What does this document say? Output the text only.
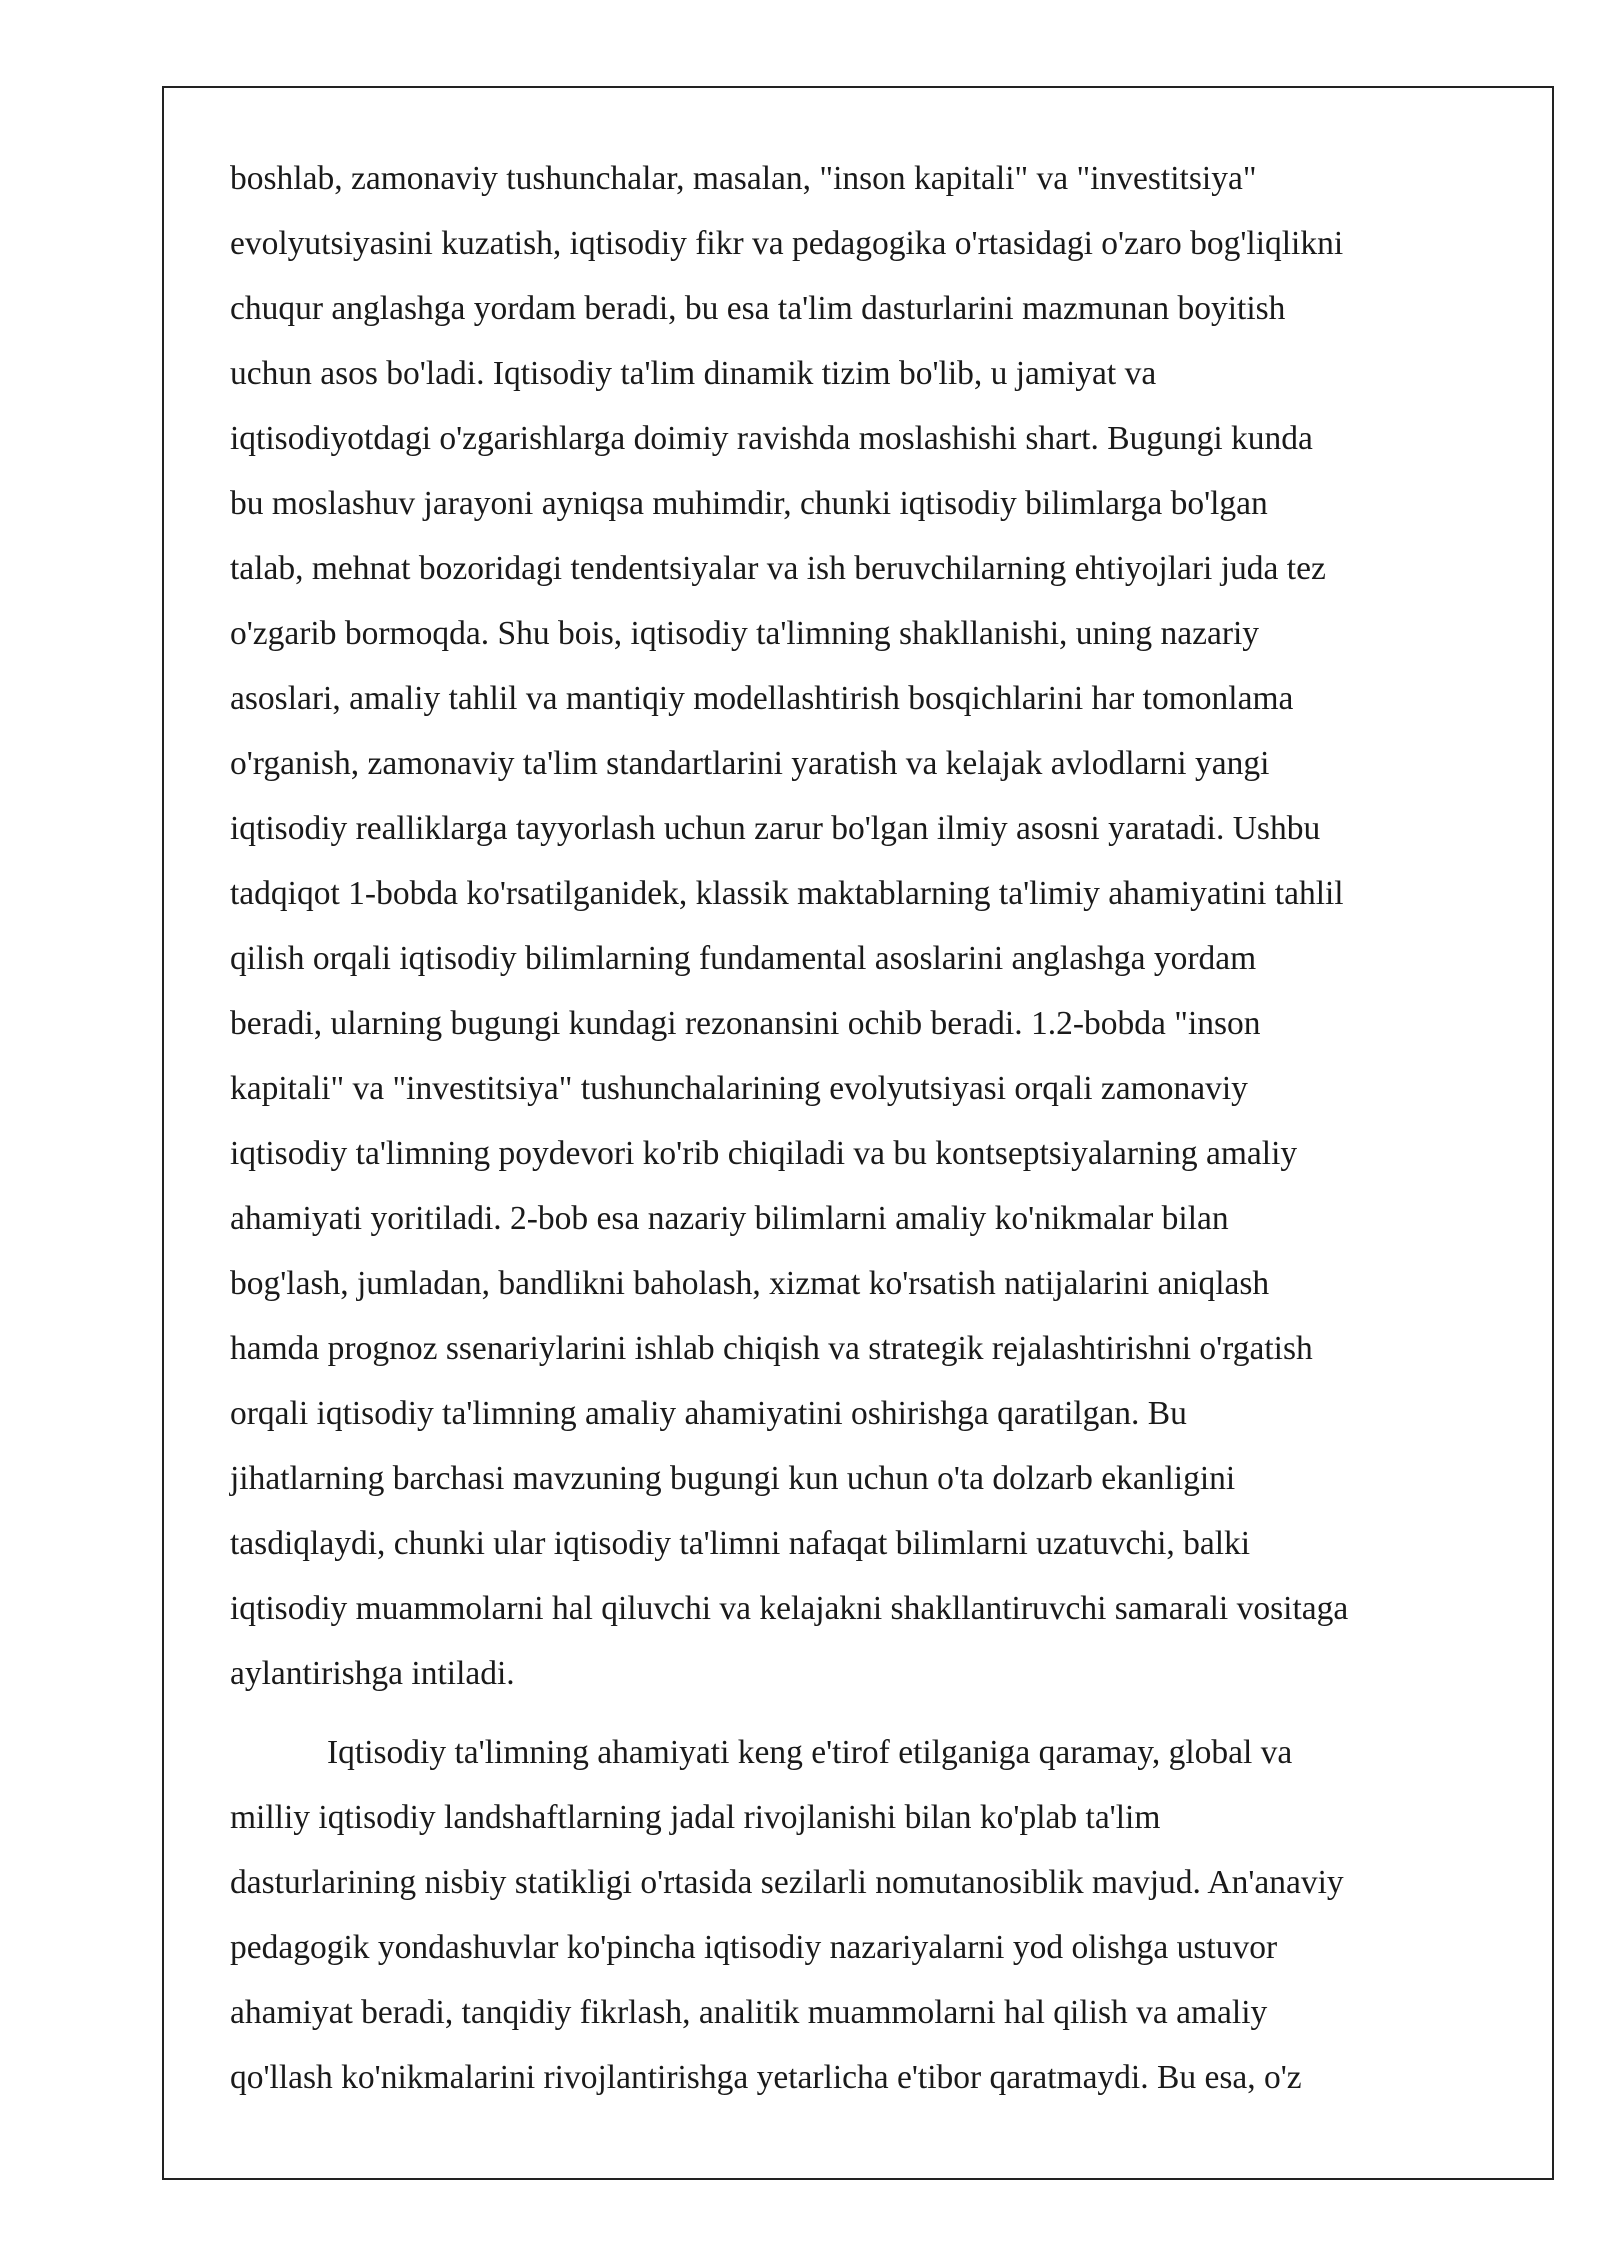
boshlab, zamonaviy tushunchalar, masalan, "inson kapitali" va "investitsiya"
evolyutsiyasini kuzatish, iqtisodiy fikr va pedagogika o'rtasidagi o'zaro bog'liqlikni
chuqur anglashga yordam beradi, bu esa ta'lim dasturlarini mazmunan boyitish
uchun asos bo'ladi. Iqtisodiy ta'lim dinamik tizim bo'lib, u jamiyat va
iqtisodiyotdagi o'zgarishlarga doimiy ravishda moslashishi shart. Bugungi kunda
bu moslashuv jarayoni ayniqsa muhimdir, chunki iqtisodiy bilimlarga bo'lgan
talab, mehnat bozoridagi tendentsiyalar va ish beruvchilarning ehtiyojlari juda tez
o'zgarib bormoqda. Shu bois, iqtisodiy ta'limning shakllanishi, uning nazariy
asoslari, amaliy tahlil va mantiqiy modellashtirish bosqichlarini har tomonlama
o'rganish, zamonaviy ta'lim standartlarini yaratish va kelajak avlodlarni yangi
iqtisodiy realliklarga tayyorlash uchun zarur bo'lgan ilmiy asosni yaratadi. Ushbu
tadqiqot 1-bobda ko'rsatilganidek, klassik maktablarning ta'limiy ahamiyatini tahlil
qilish orqali iqtisodiy bilimlarning fundamental asoslarini anglashga yordam
beradi, ularning bugungi kundagi rezonansini ochib beradi. 1.2-bobda "inson
kapitali" va "investitsiya" tushunchalarining evolyutsiyasi orqali zamonaviy
iqtisodiy ta'limning poydevori ko'rib chiqiladi va bu kontseptsiyalarning amaliy
ahamiyati yoritiladi. 2-bob esa nazariy bilimlarni amaliy ko'nikmalar bilan
bog'lash, jumladan, bandlikni baholash, xizmat ko'rsatish natijalarini aniqlash
hamda prognoz ssenariylarini ishlab chiqish va strategik rejalashtirishni o'rgatish
orqali iqtisodiy ta'limning amaliy ahamiyatini oshirishga qaratilgan. Bu
jihatlarning barchasi mavzuning bugungi kun uchun o'ta dolzarb ekanligini
tasdiqlaydi, chunki ular iqtisodiy ta'limni nafaqat bilimlarni uzatuvchi, balki
iqtisodiy muammolarni hal qiluvchi va kelajakni shakllantiruvchi samarali vositaga
aylantirishga intiladi.
Iqtisodiy ta'limning ahamiyati keng e'tirof etilganiga qaramay, global va
milliy iqtisodiy landshaftlarning jadal rivojlanishi bilan ko'plab ta'lim
dasturlarining nisbiy statikligi o'rtasida sezilarli nomutanosiblik mavjud. An'anaviy
pedagogik yondashuvlar ko'pincha iqtisodiy nazariyalarni yod olishga ustuvor
ahamiyat beradi, tanqidiy fikrlash, analitik muammolarni hal qilish va amaliy
qo'llash ko'nikmalarini rivojlantirishga yetarlicha e'tibor qaratmaydi. Bu esa, o'z
